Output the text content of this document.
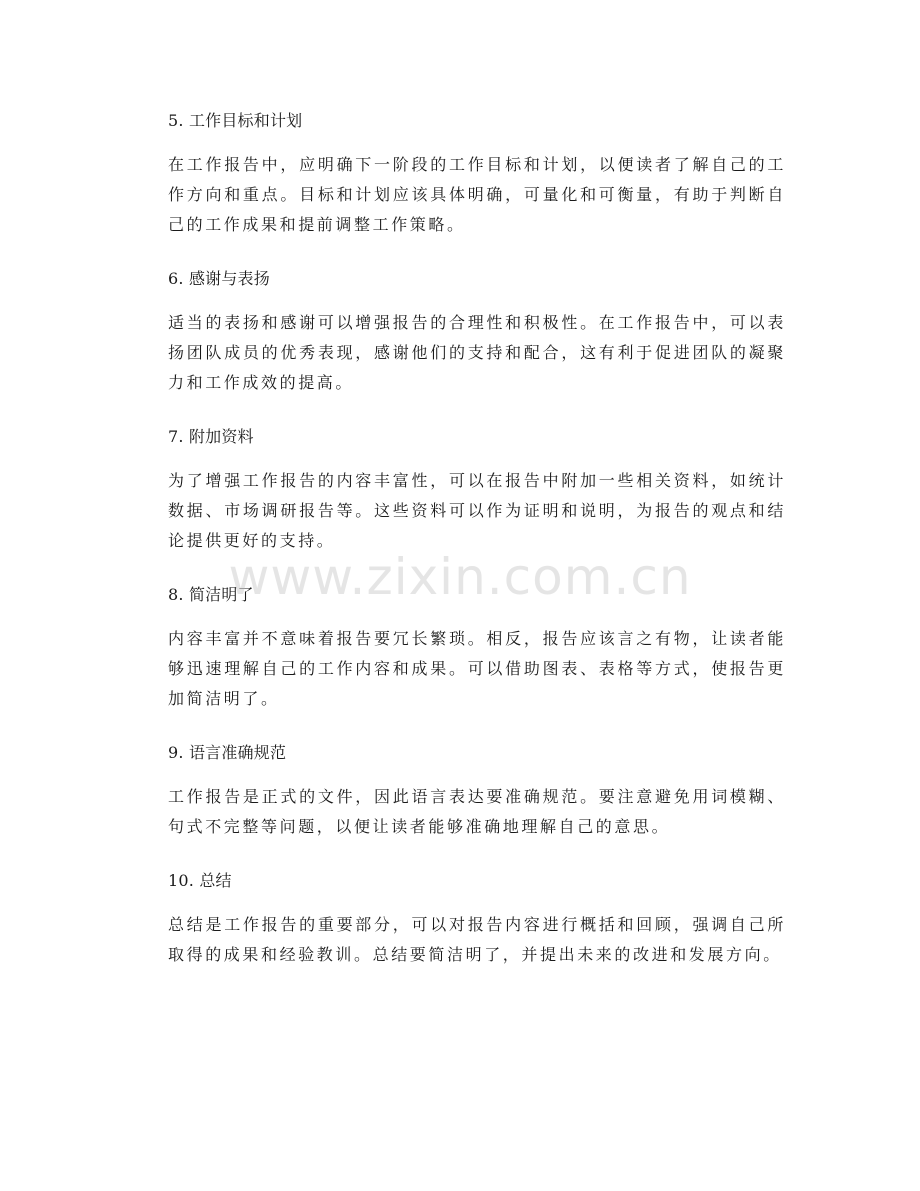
5. 工作目标和计划

在工作报告中，应明确下一阶段的工作目标和计划，以便读者了解自己的工作方向和重点。目标和计划应该具体明确，可量化和可衡量，有助于判断自己的工作成果和提前调整工作策略。

6. 感谢与表扬

适当的表扬和感谢可以增强报告的合理性和积极性。在工作报告中，可以表扬团队成员的优秀表现，感谢他们的支持和配合，这有利于促进团队的凝聚力和工作成效的提高。

7. 附加资料

为了增强工作报告的内容丰富性，可以在报告中附加一些相关资料，如统计数据、市场调研报告等。这些资料可以作为证明和说明，为报告的观点和结论提供更好的支持。

8. 简洁明了

内容丰富并不意味着报告要冗长繁琐。相反，报告应该言之有物，让读者能够迅速理解自己的工作内容和成果。可以借助图表、表格等方式，使报告更加简洁明了。

9. 语言准确规范

工作报告是正式的文件，因此语言表达要准确规范。要注意避免用词模糊、句式不完整等问题，以便让读者能够准确地理解自己的意思。

10. 总结

总结是工作报告的重要部分，可以对报告内容进行概括和回顾，强调自己所取得的成果和经验教训。总结要简洁明了，并提出未来的改进和发展方向。

www.zixin.com.cn
